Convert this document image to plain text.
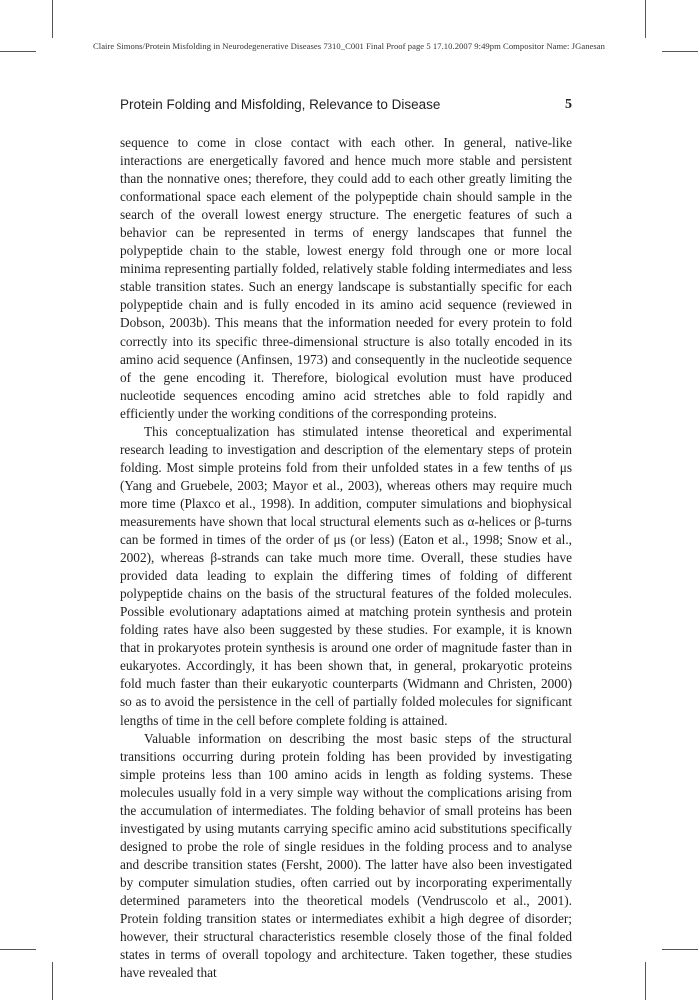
Claire Simons/Protein Misfolding in Neurodegenerative Diseases 7310_C001 Final Proof page 5 17.10.2007 9:49pm Compositor Name: JGanesan
Protein Folding and Misfolding, Relevance to Disease	5

sequence to come in close contact with each other. In general, native-like interactions are energetically favored and hence much more stable and persistent than the nonnative ones; therefore, they could add to each other greatly limiting the conformational space each element of the polypeptide chain should sample in the search of the overall lowest energy structure. The energetic features of such a behavior can be represented in terms of energy landscapes that funnel the polypeptide chain to the stable, lowest energy fold through one or more local minima representing partially folded, relatively stable folding intermediates and less stable transition states. Such an energy landscape is substantially specific for each polypeptide chain and is fully encoded in its amino acid sequence (reviewed in Dobson, 2003b). This means that the information needed for every protein to fold correctly into its specific three-dimensional structure is also totally encoded in its amino acid sequence (Anfinsen, 1973) and consequently in the nucleotide sequence of the gene encoding it. Therefore, biological evolution must have produced nucleotide sequences encoding amino acid stretches able to fold rapidly and efficiently under the working conditions of the corresponding proteins.

This conceptualization has stimulated intense theoretical and experimental research leading to investigation and description of the elementary steps of protein folding. Most simple proteins fold from their unfolded states in a few tenths of μs (Yang and Gruebele, 2003; Mayor et al., 2003), whereas others may require much more time (Plaxco et al., 1998). In addition, computer simulations and biophysical measurements have shown that local structural elements such as α-helices or β-turns can be formed in times of the order of μs (or less) (Eaton et al., 1998; Snow et al., 2002), whereas β-strands can take much more time. Overall, these studies have provided data leading to explain the differing times of folding of different polypeptide chains on the basis of the structural features of the folded molecules. Possible evolutionary adaptations aimed at matching protein synthesis and protein folding rates have also been suggested by these studies. For example, it is known that in prokaryotes protein synthesis is around one order of magnitude faster than in eukaryotes. Accordingly, it has been shown that, in general, prokaryotic proteins fold much faster than their eukaryotic counterparts (Widmann and Christen, 2000) so as to avoid the persistence in the cell of partially folded molecules for significant lengths of time in the cell before complete folding is attained.

Valuable information on describing the most basic steps of the structural transitions occurring during protein folding has been provided by investigating simple proteins less than 100 amino acids in length as folding systems. These molecules usually fold in a very simple way without the complications arising from the accumulation of intermediates. The folding behavior of small proteins has been investigated by using mutants carrying specific amino acid substitutions specifically designed to probe the role of single residues in the folding process and to analyse and describe transition states (Fersht, 2000). The latter have also been investigated by computer simulation studies, often carried out by incorporating experimentally determined parameters into the theoretical models (Vendruscolo et al., 2001). Protein folding transition states or intermediates exhibit a high degree of disorder; however, their structural characteristics resemble closely those of the final folded states in terms of overall topology and architecture. Taken together, these studies have revealed that
